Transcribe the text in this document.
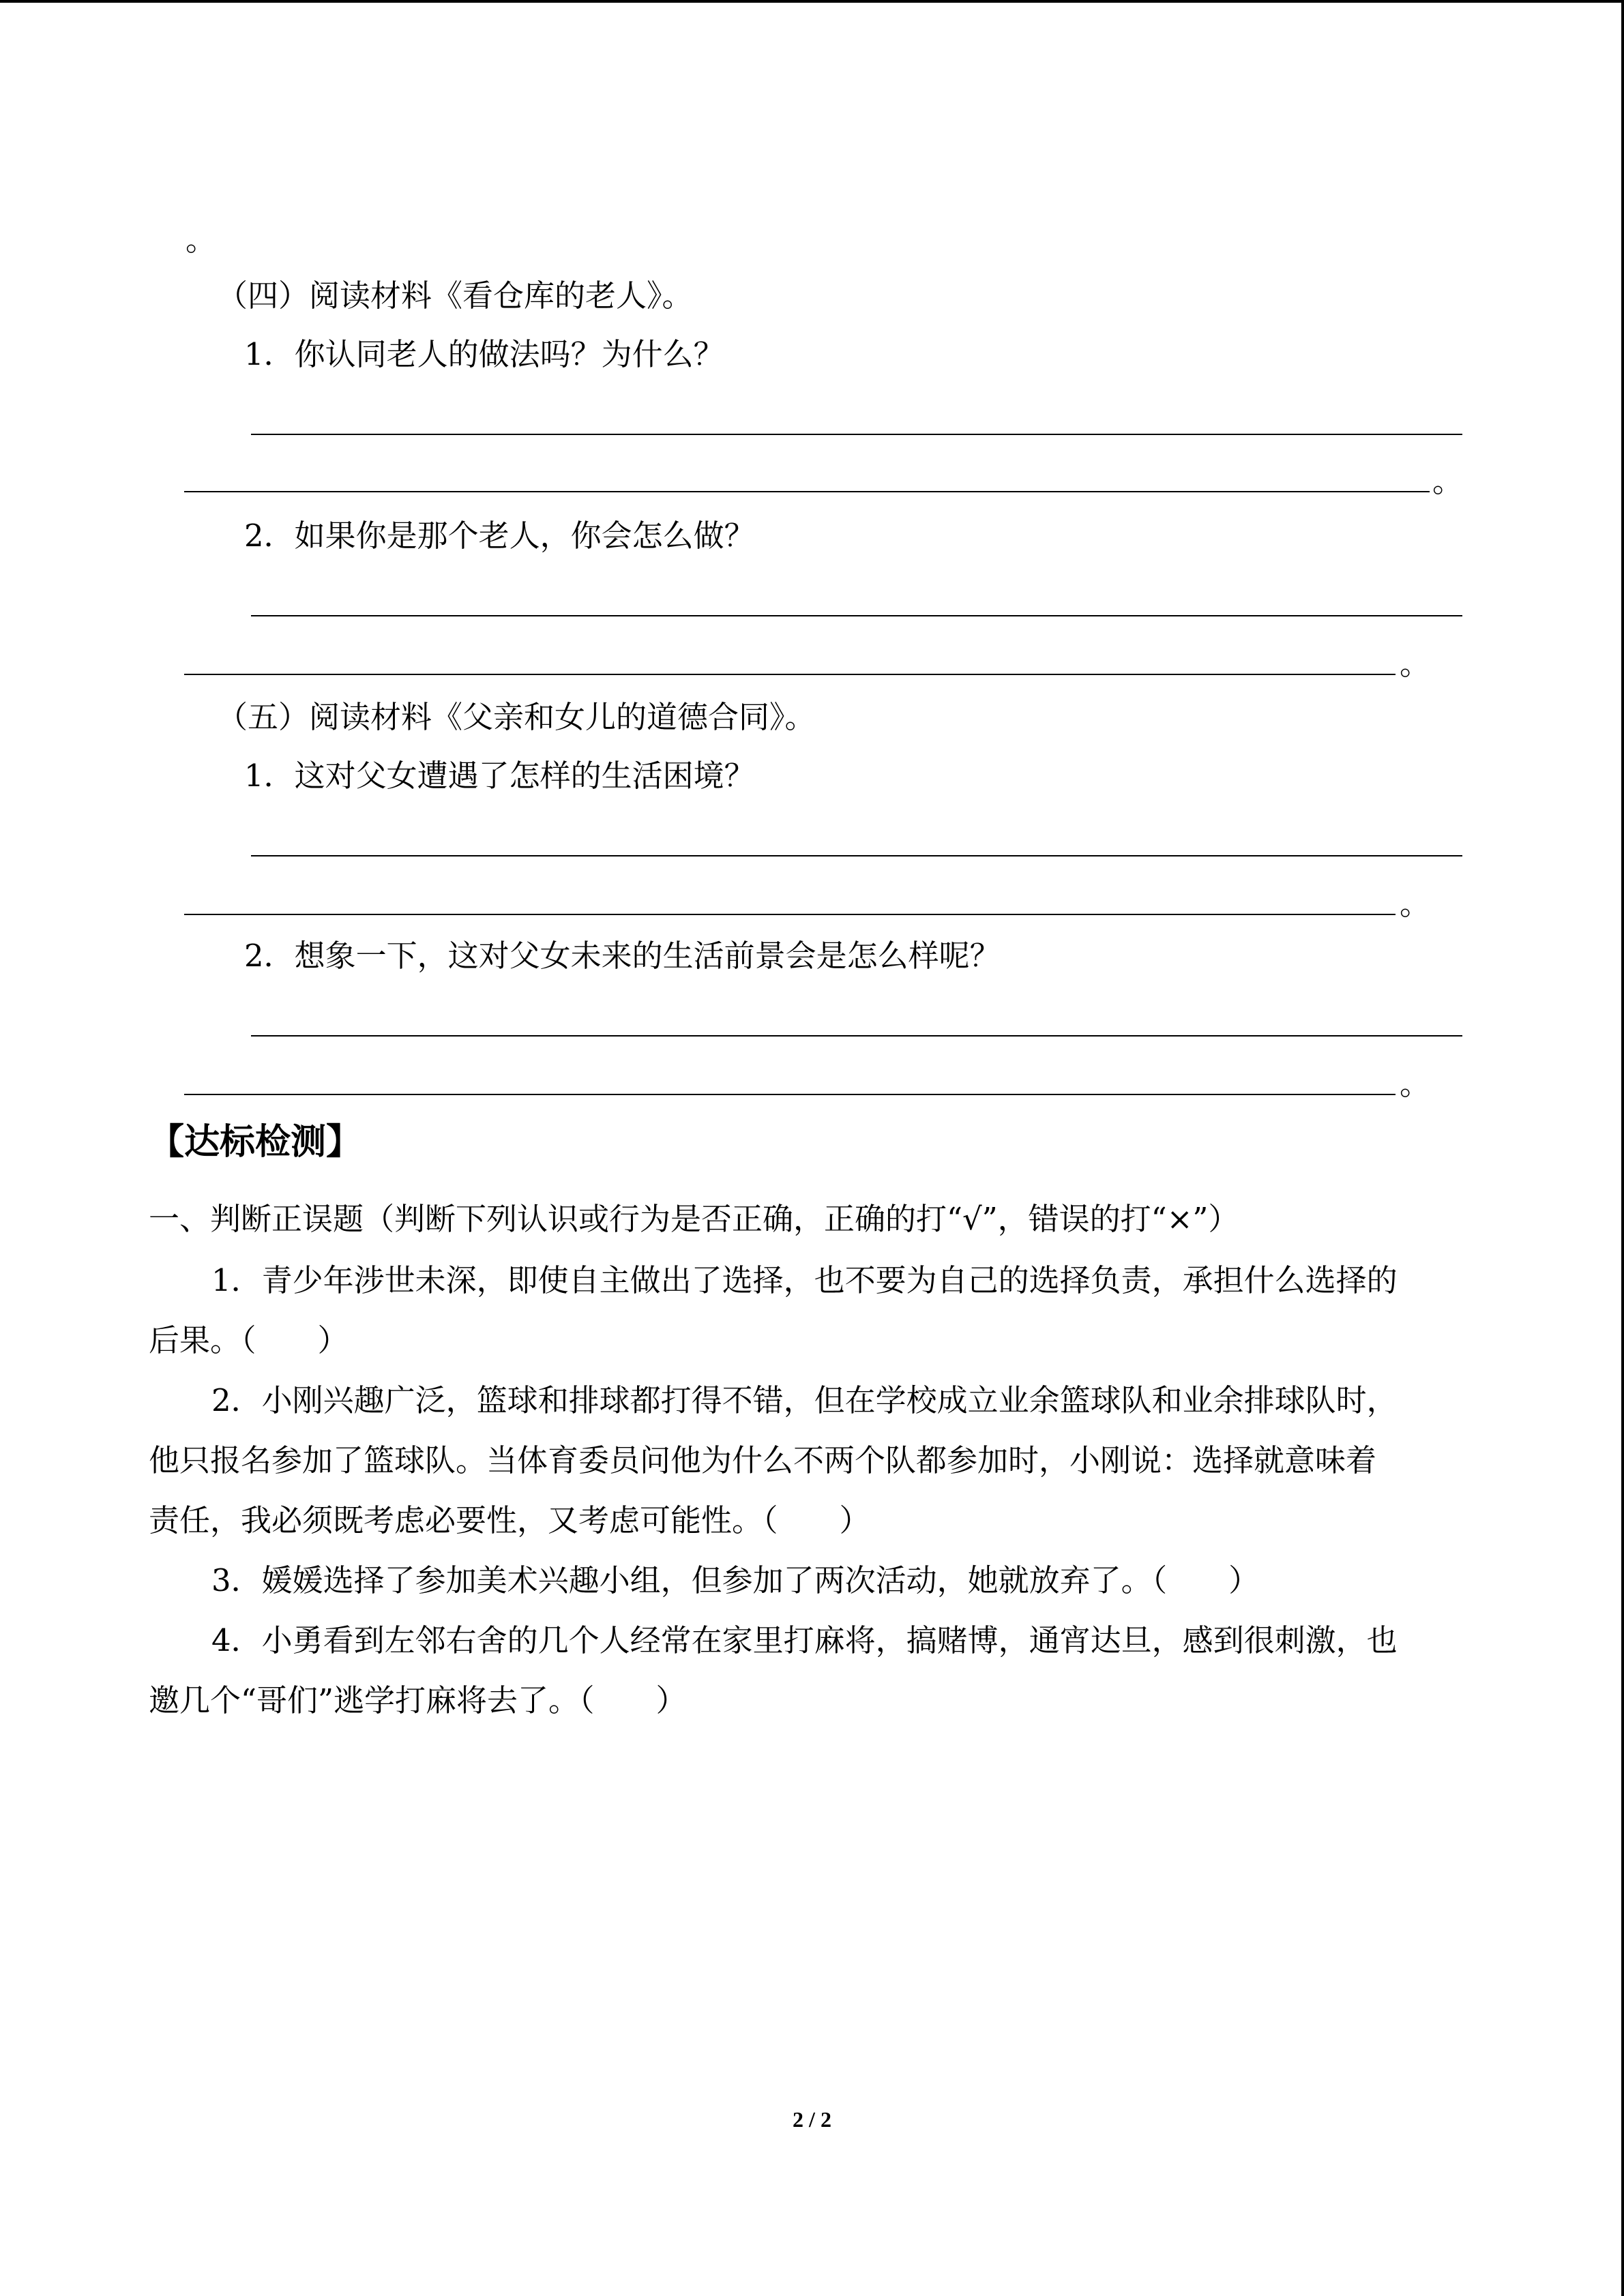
。
（四）阅读材料《看仓库的老人》。
1．你认同老人的做法吗？为什么？
。
2．如果你是那个老人，你会怎么做？
。
（五）阅读材料《父亲和女儿的道德合同》。
1．这对父女遭遇了怎样的生活困境？
。
2．想象一下，这对父女未来的生活前景会是怎么样呢？
。
【达标检测】
一、判断正误题（判断下列认识或行为是否正确，正确的打“√”，错误的打“×”）
1．青少年涉世未深，即使自主做出了选择，也不要为自己的选择负责，承担什么选择的
后果。（ ）
2．小刚兴趣广泛，篮球和排球都打得不错，但在学校成立业余篮球队和业余排球队时，
他只报名参加了篮球队。当体育委员问他为什么不两个队都参加时，小刚说：选择就意味着
责任，我必须既考虑必要性，又考虑可能性。（ ）
3．媛媛选择了参加美术兴趣小组，但参加了两次活动，她就放弃了。（ ）
4．小勇看到左邻右舍的几个人经常在家里打麻将，搞赌博，通宵达旦，感到很刺激，也
邀几个“哥们”逃学打麻将去了。（ ）
2 / 2
